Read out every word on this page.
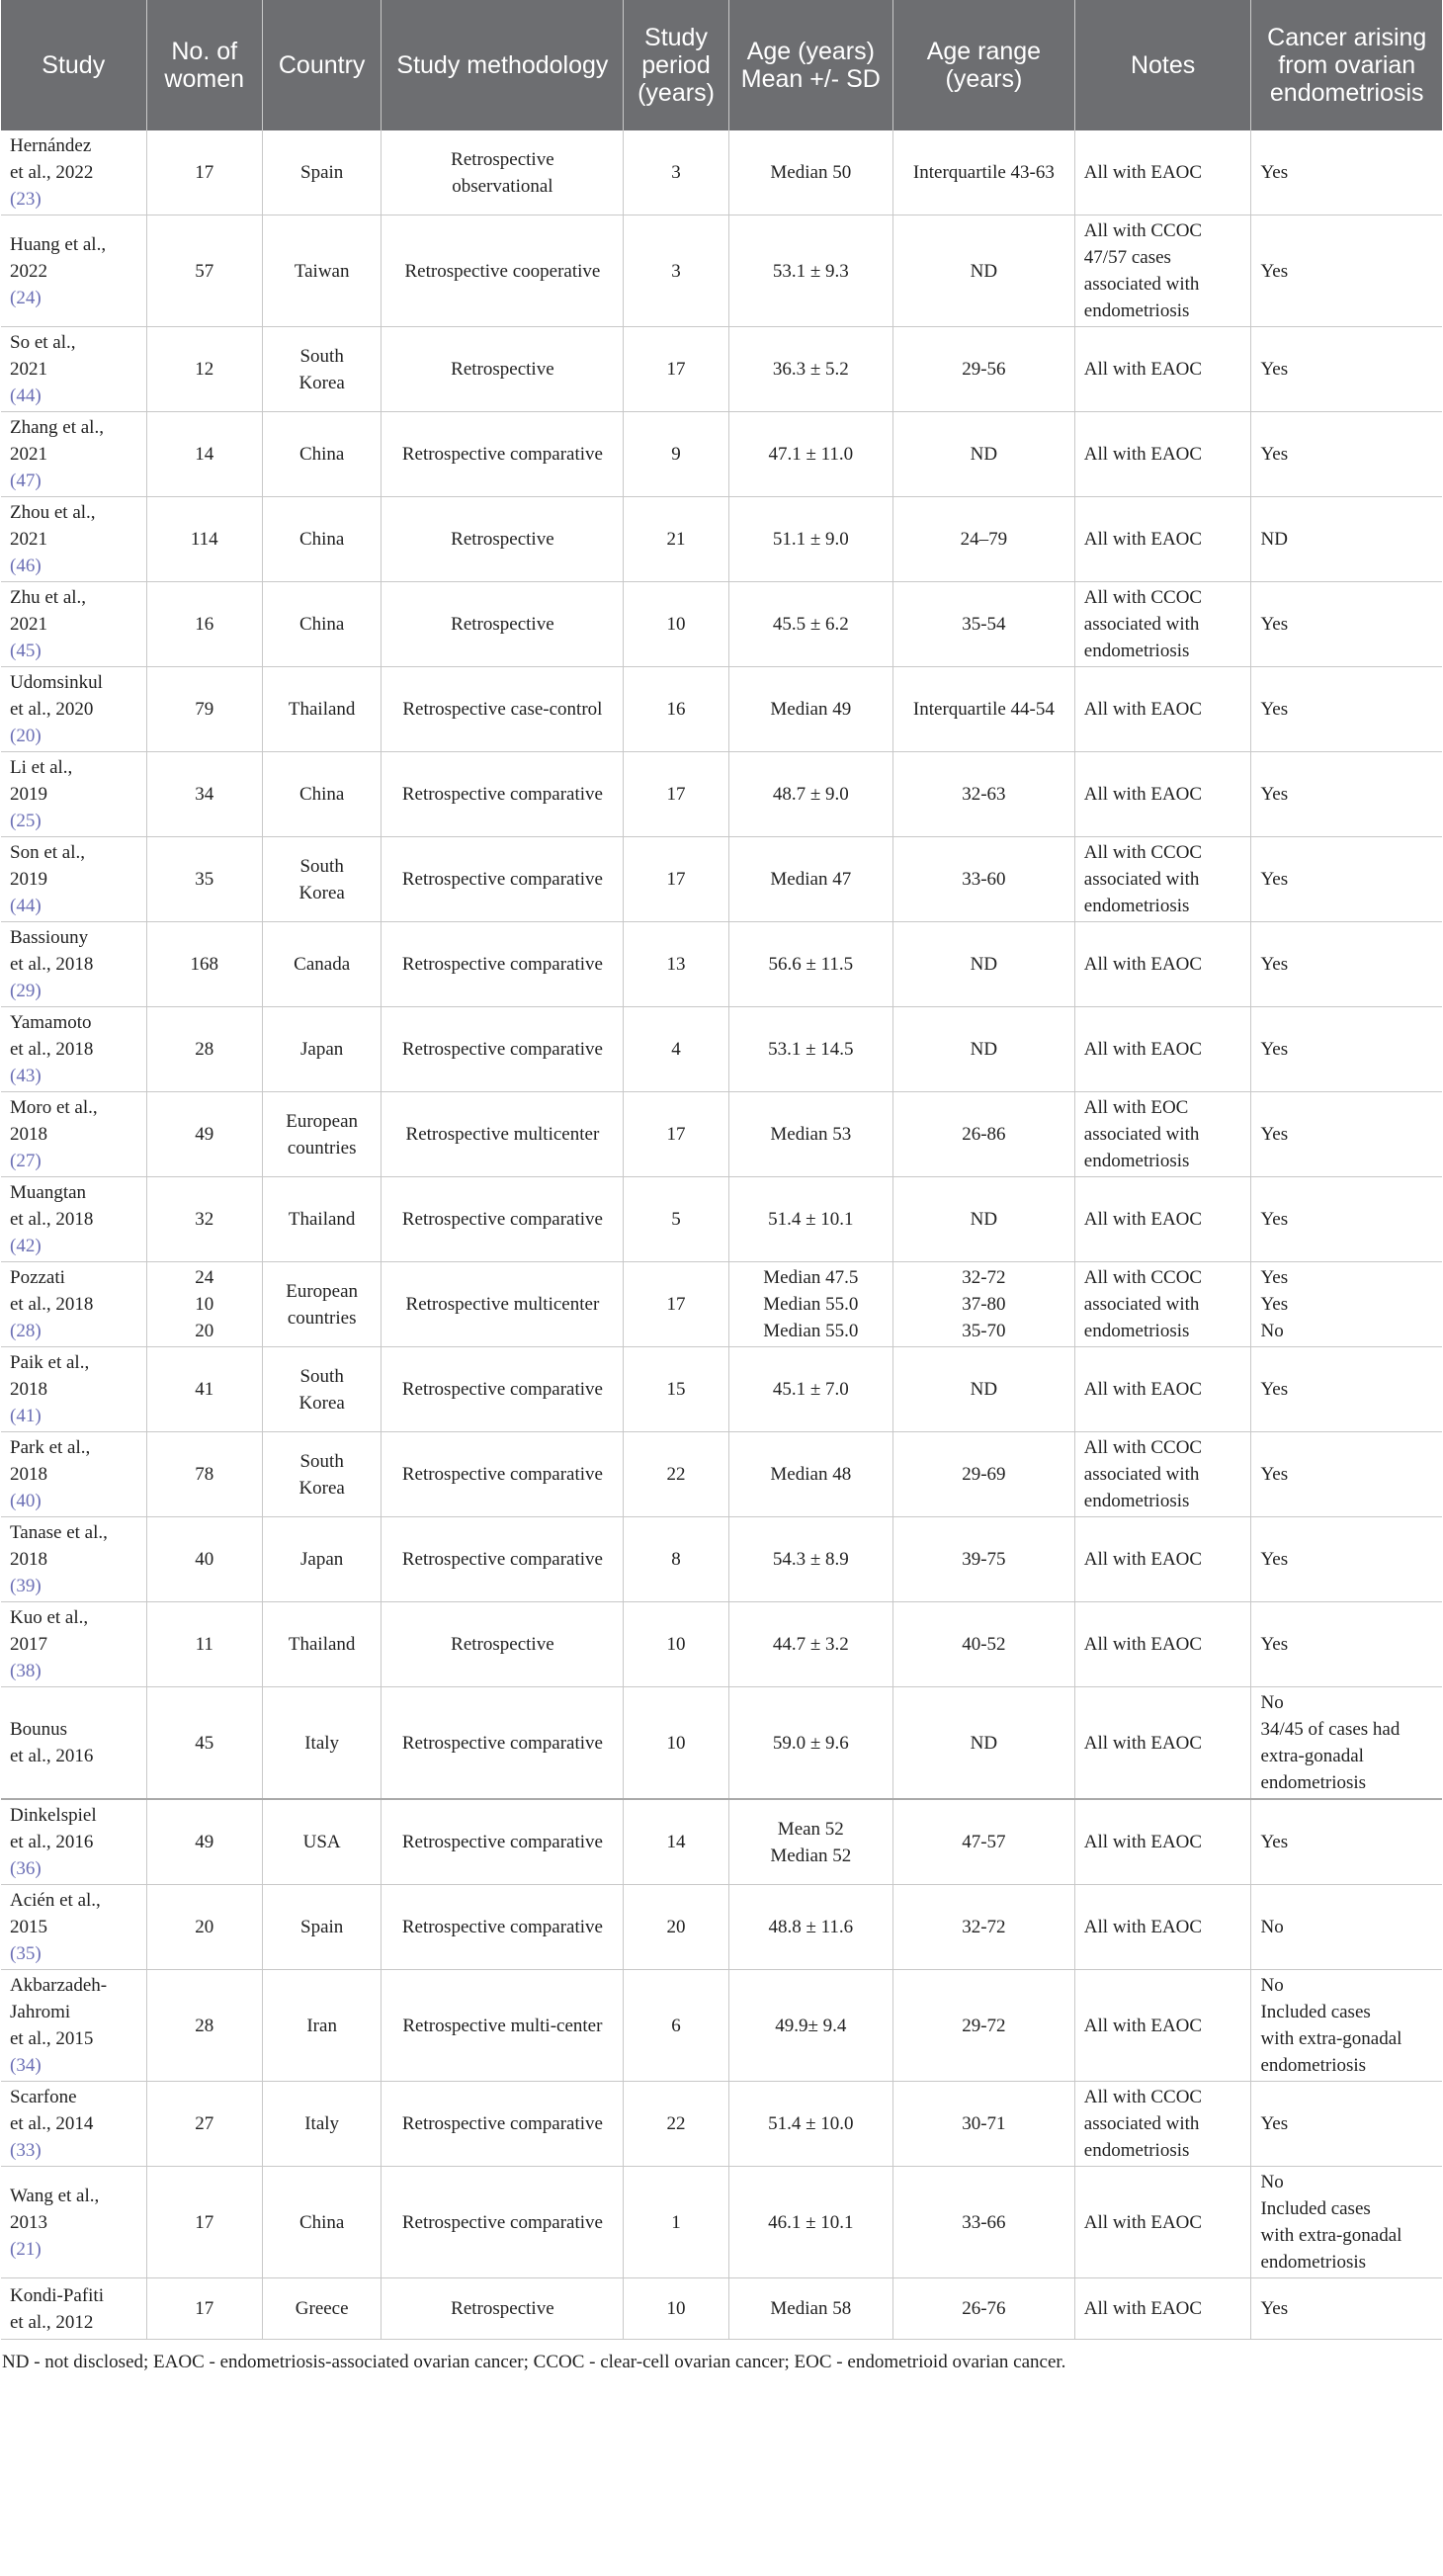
Study	No. of women	Country	Study methodology	Study period (years)	Age (years) Mean +/- SD	Age range (years)	Notes	Cancer arising from ovarian endometriosis

Hernández
et al., 2022
(23)	17	Spain	Retrospective
observational	3	Median 50	Interquartile 43-63	All with EAOC	Yes

Huang et al.,
2022
(24)	57	Taiwan	Retrospective cooperative	3	53.1 ± 9.3	ND	All with CCOC
47/57 cases
associated with
endometriosis	Yes

So et al.,
2021
(44)	12	South
Korea	Retrospective	17	36.3 ± 5.2	29-56	All with EAOC	Yes

Zhang et al.,
2021
(47)	14	China	Retrospective comparative	9	47.1 ± 11.0	ND	All with EAOC	Yes

Zhou et al.,
2021
(46)	114	China	Retrospective	21	51.1 ± 9.0	24–79	All with EAOC	ND

Zhu et al.,
2021
(45)	16	China	Retrospective	10	45.5 ± 6.2	35-54	All with CCOC
associated with
endometriosis	Yes

Udomsinkul
et al., 2020
(20)	79	Thailand	Retrospective case-control	16	Median 49	Interquartile 44-54	All with EAOC	Yes

Li et al.,
2019
(25)	34	China	Retrospective comparative	17	48.7 ± 9.0	32-63	All with EAOC	Yes

Son et al.,
2019
(44)	35	South
Korea	Retrospective comparative	17	Median 47	33-60	All with CCOC
associated with
endometriosis	Yes

Bassiouny
et al., 2018
(29)	168	Canada	Retrospective comparative	13	56.6 ± 11.5	ND	All with EAOC	Yes

Yamamoto
et al., 2018
(43)	28	Japan	Retrospective comparative	4	53.1 ± 14.5	ND	All with EAOC	Yes

Moro et al.,
2018
(27)	49	European
countries	Retrospective multicenter	17	Median 53	26-86	All with EOC
associated with
endometriosis	Yes

Muangtan
et al., 2018
(42)	32	Thailand	Retrospective comparative	5	51.4 ± 10.1	ND	All with EAOC	Yes

Pozzati
et al., 2018
(28)	24
10
20	European
countries	Retrospective multicenter	17	Median 47.5
Median 55.0
Median 55.0	32-72
37-80
35-70	All with CCOC
associated with
endometriosis	Yes
Yes
No

Paik et al.,
2018
(41)	41	South
Korea	Retrospective comparative	15	45.1 ± 7.0	ND	All with EAOC	Yes

Park et al.,
2018
(40)	78	South
Korea	Retrospective comparative	22	Median 48	29-69	All with CCOC
associated with
endometriosis	Yes

Tanase et al.,
2018
(39)	40	Japan	Retrospective comparative	8	54.3 ± 8.9	39-75	All with EAOC	Yes

Kuo et al.,
2017
(38)	11	Thailand	Retrospective	10	44.7 ± 3.2	40-52	All with EAOC	Yes

Bounus
et al., 2016	45	Italy	Retrospective comparative	10	59.0 ± 9.6	ND	All with EAOC	No
34/45 of cases had
extra-gonadal
endometriosis

Dinkelspiel
et al., 2016
(36)	49	USA	Retrospective comparative	14	Mean 52
Median 52	47-57	All with EAOC	Yes

Acién et al.,
2015
(35)	20	Spain	Retrospective comparative	20	48.8 ± 11.6	32-72	All with EAOC	No

Akbarzadeh-
Jahromi
et al., 2015
(34)	28	Iran	Retrospective multi-center	6	49.9± 9.4	29-72	All with EAOC	No
Included cases
with extra-gonadal
endometriosis

Scarfone
et al., 2014
(33)	27	Italy	Retrospective comparative	22	51.4 ± 10.0	30-71	All with CCOC
associated with
endometriosis	Yes

Wang et al.,
2013
(21)	17	China	Retrospective comparative	1	46.1 ± 10.1	33-66	All with EAOC	No
Included cases
with extra-gonadal
endometriosis

Kondi-Pafiti
et al., 2012	17	Greece	Retrospective	10	Median 58	26-76	All with EAOC	Yes
ND - not disclosed; EAOC - endometriosis-associated ovarian cancer; CCOC - clear-cell ovarian cancer; EOC - endometrioid ovarian cancer.
